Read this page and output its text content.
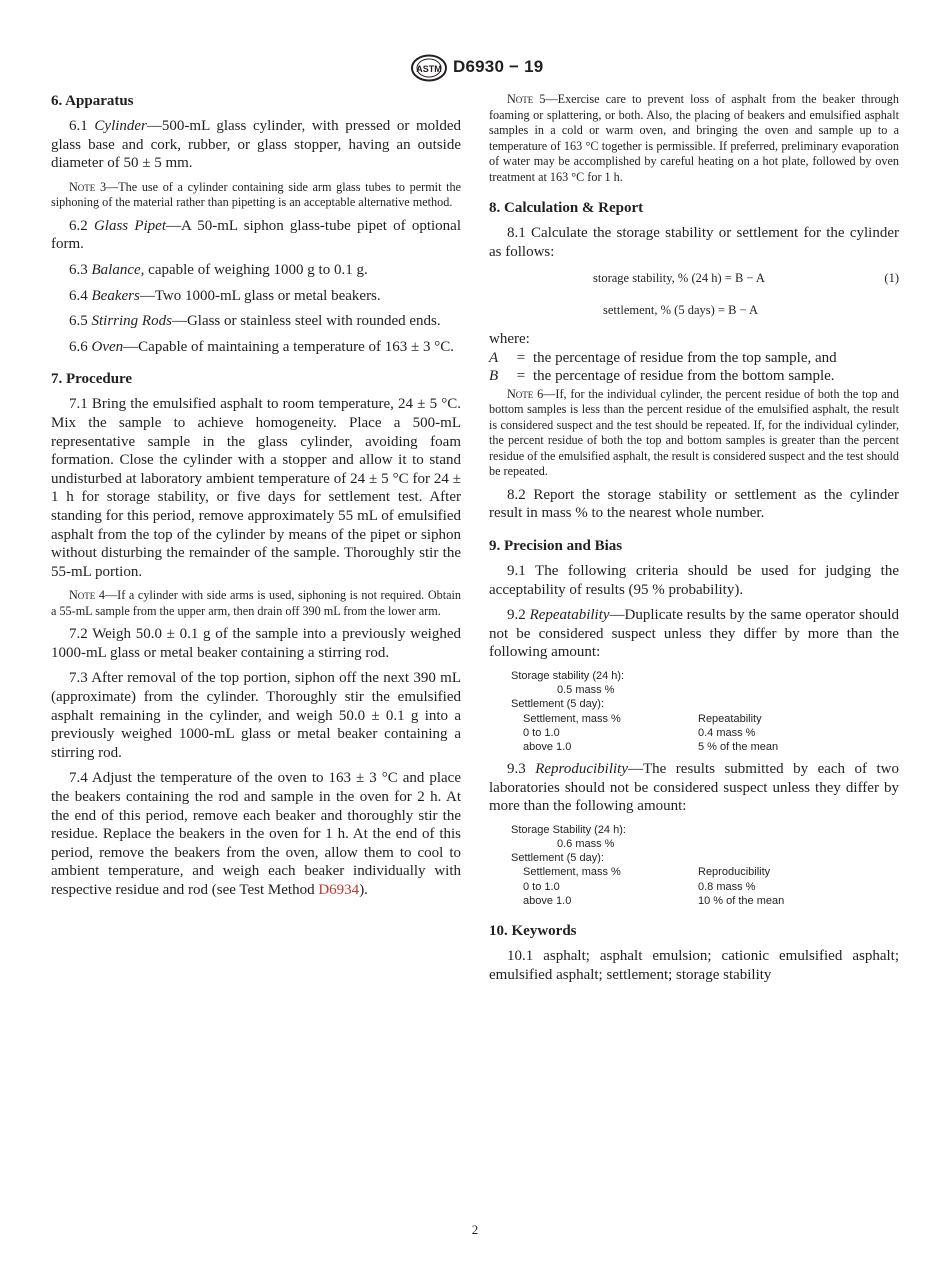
ASTM D6930 − 19
6. Apparatus

6.1 Cylinder—500-mL glass cylinder, with pressed or molded glass base and cork, rubber, or glass stopper, having an outside diameter of 50 ± 5 mm.

Note 3—The use of a cylinder containing side arm glass tubes to permit the siphoning of the material rather than pipetting is an acceptable alternative method.

6.2 Glass Pipet—A 50-mL siphon glass-tube pipet of optional form.

6.3 Balance, capable of weighing 1000 g to 0.1 g.

6.4 Beakers—Two 1000-mL glass or metal beakers.

6.5 Stirring Rods—Glass or stainless steel with rounded ends.

6.6 Oven—Capable of maintaining a temperature of 163 ± 3 °C.

7. Procedure

7.1 Bring the emulsified asphalt to room temperature, 24 ± 5 °C. Mix the sample to achieve homogeneity. Place a 500-mL representative sample in the glass cylinder, avoiding foam formation. Close the cylinder with a stopper and allow it to stand undisturbed at laboratory ambient temperature of 24 ± 5 °C for 24 ± 1 h for storage stability, or five days for settlement test. After standing for this period, remove approximately 55 mL of emulsified asphalt from the top of the cylinder by means of the pipet or siphon without disturbing the remainder of the sample. Thoroughly stir the 55-mL portion.

Note 4—If a cylinder with side arms is used, siphoning is not required. Obtain a 55-mL sample from the upper arm, then drain off 390 mL from the lower arm.

7.2 Weigh 50.0 ± 0.1 g of the sample into a previously weighed 1000-mL glass or metal beaker containing a stirring rod.

7.3 After removal of the top portion, siphon off the next 390 mL (approximate) from the cylinder. Thoroughly stir the emulsified asphalt remaining in the cylinder, and weigh 50.0 ± 0.1 g into a previously weighed 1000-mL glass or metal beaker containing a stirring rod.

7.4 Adjust the temperature of the oven to 163 ± 3 °C and place the beakers containing the rod and sample in the oven for 2 h. At the end of this period, remove each beaker and thoroughly stir the residue. Replace the beakers in the oven for 1 h. At the end of this period, remove the beakers from the oven, allow them to cool to ambient temperature, and weigh each beaker individually with respective residue and rod (see Test Method D6934).

Note 5—Exercise care to prevent loss of asphalt from the beaker through foaming or splattering, or both. Also, the placing of beakers and emulsified asphalt samples in a cold or warm oven, and bringing the oven and sample up to a temperature of 163 °C together is permissible. If preferred, preliminary evaporation of water may be accomplished by careful heating on a hot plate, followed by oven treatment at 163 °C for 1 h.

8. Calculation & Report

8.1 Calculate the storage stability or settlement for the cylinder as follows:

storage stability, % (24 h) = B − A	(1)
settlement, % (5 days) = B − A

where:

A	= the percentage of residue from the top sample, and
B	= the percentage of residue from the bottom sample.

Note 6—If, for the individual cylinder, the percent residue of both the top and bottom samples is less than the percent residue of the emulsified asphalt, the result is considered suspect and the test should be repeated. If, for the individual cylinder, the percent residue of both the top and bottom samples is greater than the percent residue of the emulsified asphalt, the result is considered suspect and the test should be repeated.

8.2 Report the storage stability or settlement as the cylinder result in mass % to the nearest whole number.

9. Precision and Bias

9.1 The following criteria should be used for judging the acceptability of results (95 % probability).

9.2 Repeatability—Duplicate results by the same operator should not be considered suspect unless they differ by more than the following amount:

Storage stability (24 h):
0.5 mass %
Settlement (5 day):
Settlement, mass %	Repeatability
0 to 1.0	0.4 mass %
above 1.0	5 % of the mean

9.3 Reproducibility—The results submitted by each of two laboratories should not be considered suspect unless they differ by more than the following amount:

Storage Stability (24 h):
0.6 mass %
Settlement (5 day):
Settlement, mass %	Reproducibility
0 to 1.0	0.8 mass %
above 1.0	10 % of the mean
10. Keywords

10.1 asphalt; asphalt emulsion; cationic emulsified asphalt; emulsified asphalt; settlement; storage stability

2
